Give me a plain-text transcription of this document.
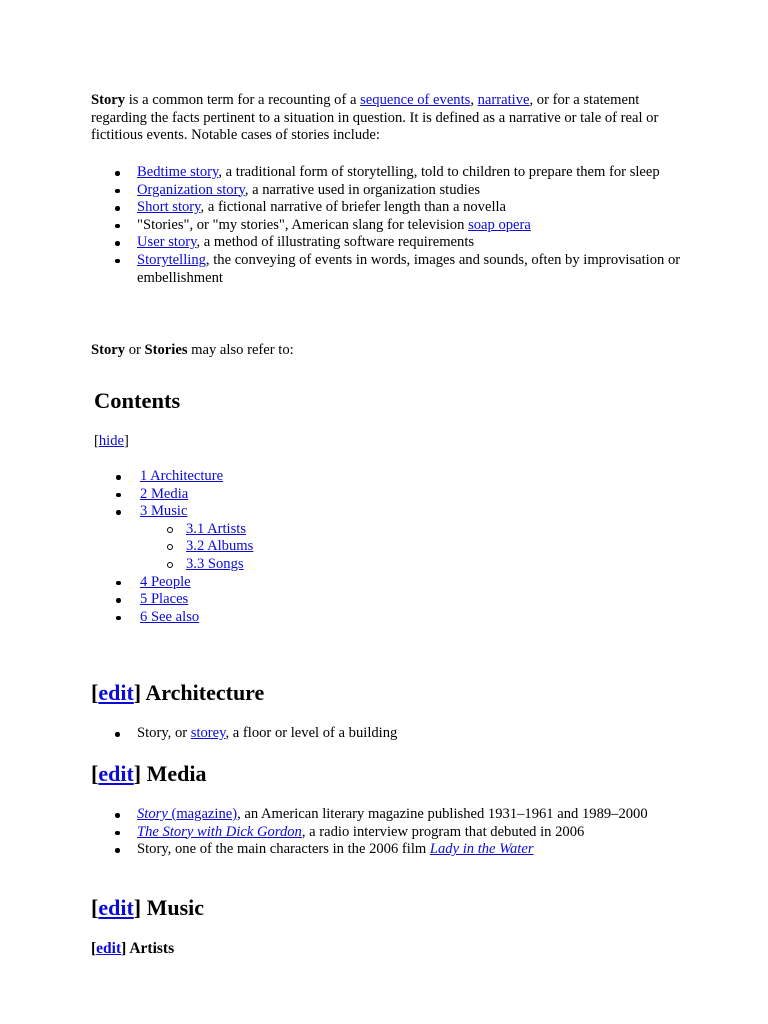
Story is a common term for a recounting of a sequence of events, narrative, or for a statement regarding the facts pertinent to a situation in question. It is defined as a narrative or tale of real or fictitious events. Notable cases of stories include:

Bedtime story, a traditional form of storytelling, told to children to prepare them for sleep
Organization story, a narrative used in organization studies
Short story, a fictional narrative of briefer length than a novella
"Stories", or "my stories", American slang for television soap opera
User story, a method of illustrating software requirements
Storytelling, the conveying of events in words, images and sounds, often by improvisation or embellishment

Story or Stories may also refer to:

Contents

[hide]

1 Architecture
2 Media
3 Music
3.1 Artists
3.2 Albums
3.3 Songs
4 People
5 Places
6 See also
[edit] Architecture
Story, or storey, a floor or level of a building
[edit] Media
Story (magazine), an American literary magazine published 1931–1961 and 1989–2000
The Story with Dick Gordon, a radio interview program that debuted in 2006
Story, one of the main characters in the 2006 film Lady in the Water
[edit] Music
[edit] Artists
